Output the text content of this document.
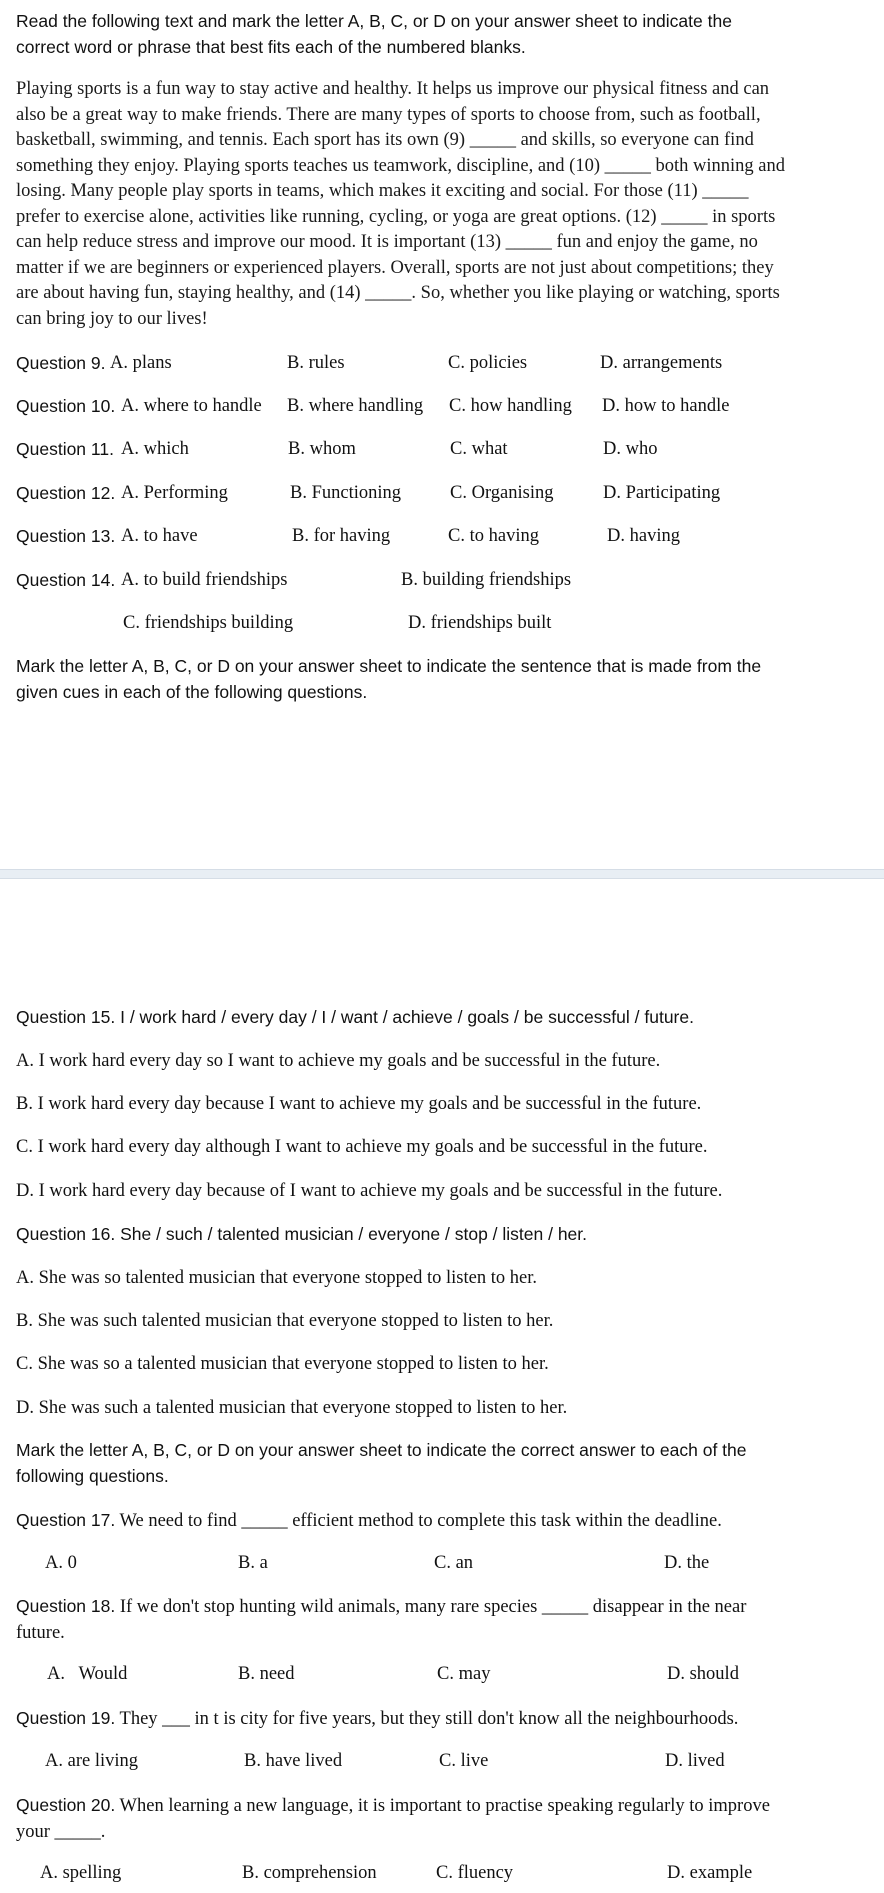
Read the following text and mark the letter A, B, C, or D on your answer sheet to indicate the correct word or phrase that best fits each of the numbered blanks.
Playing sports is a fun way to stay active and healthy. It helps us improve our physical fitness and can also be a great way to make friends. There are many types of sports to choose from, such as football, basketball, swimming, and tennis. Each sport has its own (9) _____ and skills, so everyone can find something they enjoy. Playing sports teaches us teamwork, discipline, and (10) _____ both winning and losing. Many people play sports in teams, which makes it exciting and social. For those (11) _____ prefer to exercise alone, activities like running, cycling, or yoga are great options. (12) _____ in sports can help reduce stress and improve our mood. It is important (13) _____ fun and enjoy the game, no matter if we are beginners or experienced players. Overall, sports are not just about competitions; they are about having fun, staying healthy, and (14) _____. So, whether you like playing or watching, sports can bring joy to our lives!
Question 9. A. plans	B. rules	C. policies	D. arrangements
Question 10. A. where to handle B. where handling C. how handling D. how to handle
Question 11. A. which	B. whom	C. what	D. who
Question 12. A. Performing	B. Functioning	C. Organising	D. Participating
Question 13. A. to have	B. for having	C. to having	D. having
Question 14. A. to build friendships	B. building friendships
C. friendships building	D. friendships built
Mark the letter A, B, C, or D on your answer sheet to indicate the sentence that is made from the given cues in each of the following questions.
Question 15. I / work hard / every day / I / want / achieve / goals / be successful / future.
A. I work hard every day so I want to achieve my goals and be successful in the future.
B. I work hard every day because I want to achieve my goals and be successful in the future.
C. I work hard every day although I want to achieve my goals and be successful in the future.
D. I work hard every day because of I want to achieve my goals and be successful in the future.
Question 16. She / such / talented musician / everyone / stop / listen / her.
A. She was so talented musician that everyone stopped to listen to her.
B. She was such talented musician that everyone stopped to listen to her.
C. She was so a talented musician that everyone stopped to listen to her.
D. She was such a talented musician that everyone stopped to listen to her.
Mark the letter A, B, C, or D on your answer sheet to indicate the correct answer to each of the following questions.
Question 17. We need to find _____ efficient method to complete this task within the deadline.
A. 0	B. a	C. an	D. the
Question 18. If we don't stop hunting wild animals, many rare species _____ disappear in the near future.
A.   Would	B. need	C. may	D. should
Question 19. They ___ in t is city for five years, but they still don't know all the neighbourhoods.
A. are living	B. have lived	C. live	D. lived
Question 20. When learning a new language, it is important to practise speaking regularly to improve your _____.
A. spelling	B. comprehension	C. fluency	D. example
